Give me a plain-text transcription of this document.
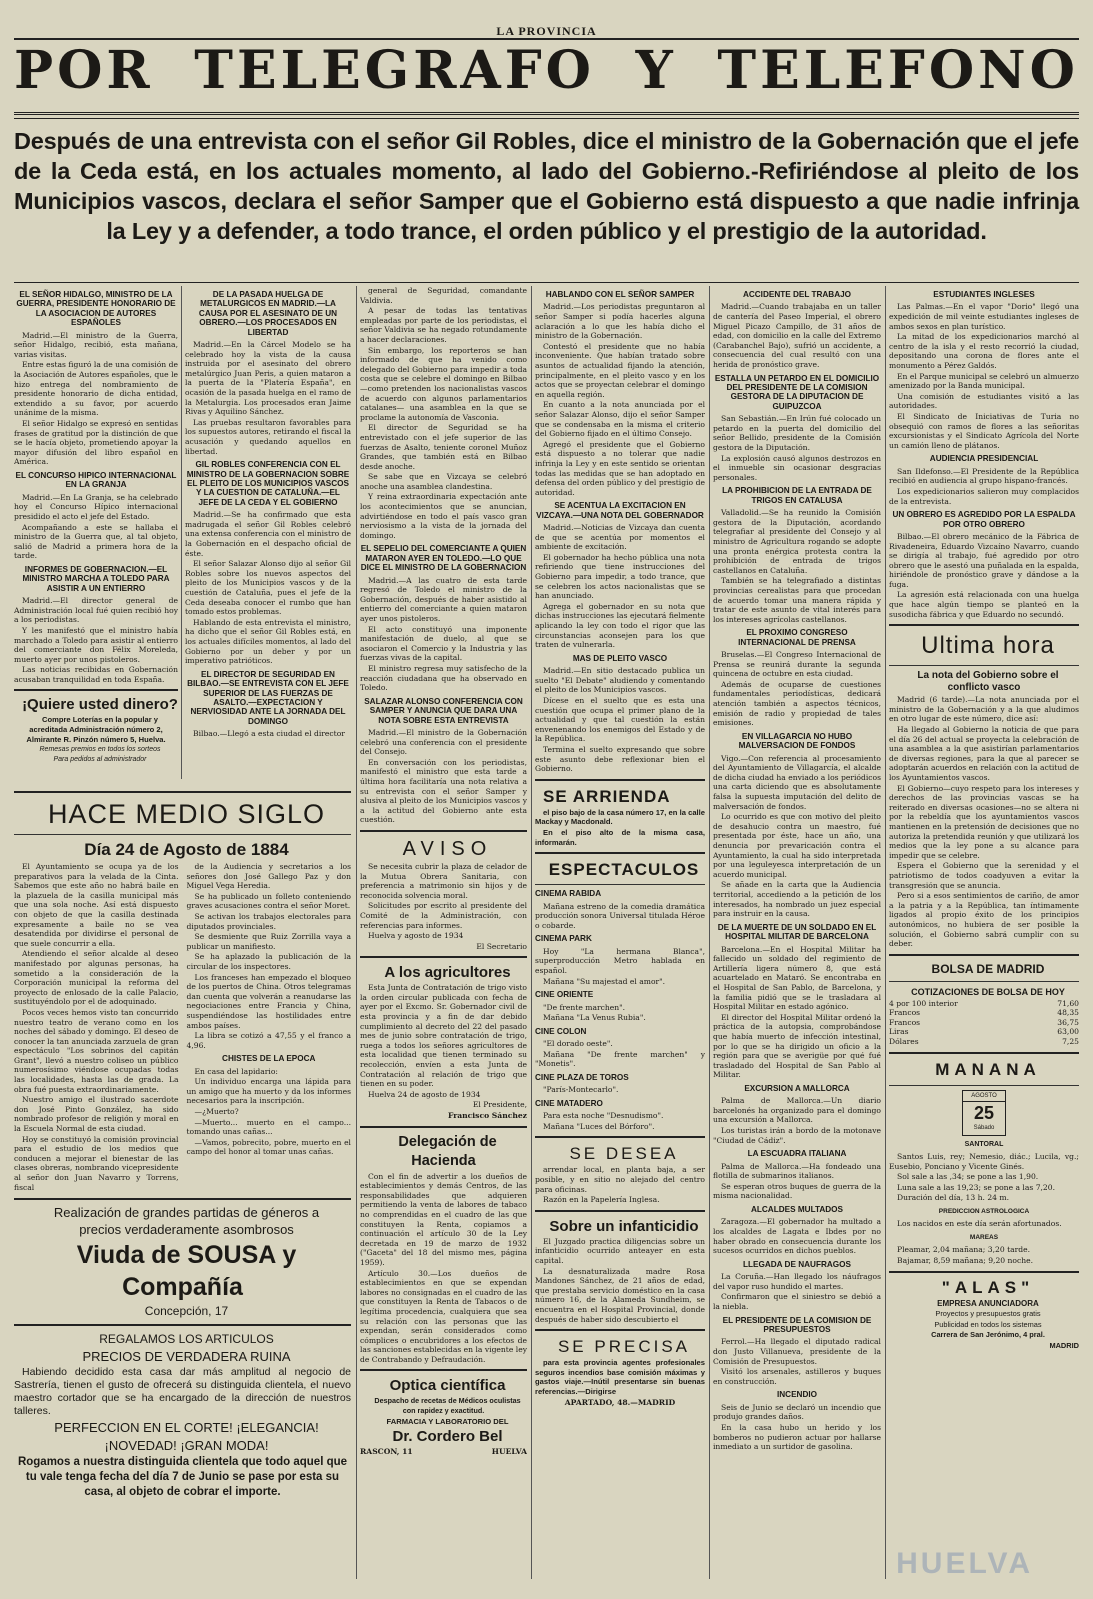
LA PROVINCIA
POR TELEGRAFO Y TELEFONO
Después de una entrevista con el señor Gil Robles, dice el ministro de la Gobernación que el jefe de la Ceda está, en los actuales momento, al lado del Gobierno.-Refiriéndose al pleito de los Municipios vascos, declara el señor Samper que el Gobierno está dispuesto a que nadie infrinja la Ley y a defender, a todo trance, el orden público y el prestigio de la autoridad.

EL SEÑOR HIDALGO, MINISTRO DE LA GUERRA, PRESIDENTE HONORARIO DE LA ASOCIACION DE AUTORES ESPAÑOLES

Madrid.—El ministro de la Guerra, señor Hidalgo, recibió, esta mañana, varias visitas.

Entre estas figuró la de una comisión de la Asociación de Autores españoles, que le hizo entrega del nombramiento de presidente honorario de dicha entidad, extendido a su favor, por acuerdo unánime de la misma.

El señor Hidalgo se expresó en sentidas frases de gratitud por la distinción de que se le hacía objeto, prometiendo apoyar la mayor difusión del libro español en América.

EL CONCURSO HIPICO INTERNACIONAL EN LA GRANJA

Madrid.—En La Granja, se ha celebrado hoy el Concurso Hípico internacional presidido el acto el jefe del Estado.

Acompañando a este se hallaba el ministro de la Guerra que, al tal objeto, salió de Madrid a primera hora de la tarde.

INFORMES DE GOBERNACION.—EL MINISTRO MARCHA A TOLEDO PARA ASISTIR A UN ENTIERRO

Madrid.—El director general de Administración local fué quien recibió hoy a los periodistas.

Y les manifestó que el ministro había marchado a Toledo para asistir al entierro del comerciante don Félix Moreleda, muerto ayer por unos pistoleros.

Las noticias recibidas en Gobernación acusaban tranquilidad en toda España.

¡Quiere usted dinero?

Compre Loterías en la popular y acreditada Administración número 2, Almirante R. Pinzón número 5, Huelva.

Remesas premios en todos los sorteos

Para pedidos al administrador

DE LA PASADA HUELGA DE METALURGICOS EN MADRID.—LA CAUSA POR EL ASESINATO DE UN OBRERO.—LOS PROCESADOS EN LIBERTAD

Madrid.—En la Cárcel Modelo se ha celebrado hoy la vista de la causa instruida por el asesinato del obrero metalúrgico Juan Peris, a quien mataron a la puerta de la "Platería España", en ocasión de la pasada huelga en el ramo de la Metalurgia. Los procesados eran Jaime Rivas y Aquilino Sánchez.

Las pruebas resultaron favorables para los supuestos autores, retirando el fiscal la acusación y quedando aquellos en libertad.

GIL ROBLES CONFERENCIA CON EL MINISTRO DE LA GOBERNACION SOBRE EL PLEITO DE LOS MUNICIPIOS VASCOS Y LA CUESTION DE CATALUÑA.—EL JEFE DE LA CEDA Y EL GOBIERNO

Madrid.—Se ha confirmado que esta madrugada el señor Gil Robles celebró una extensa conferencia con el ministro de la Gobernación en el despacho oficial de éste.

El señor Salazar Alonso dijo al señor Gil Robles sobre los nuevos aspectos del pleito de los Municipios vascos y de la cuestión de Cataluña, pues el jefe de la Ceda deseaba conocer el rumbo que han tomado estos problemas.

Hablando de esta entrevista el ministro, ha dicho que el señor Gil Robles está, en los actuales difíciles momentos, al lado del Gobierno por un deber y por un imperativo patrióticos.

EL DIRECTOR DE SEGURIDAD EN BILBAO.—SE ENTREVISTA CON EL JEFE SUPERIOR DE LAS FUERZAS DE ASALTO.—EXPECTACION Y NERVIOSIDAD ANTE LA JORNADA DEL DOMINGO

Bilbao.—Llegó a esta ciudad el director

HACE MEDIO SIGLO

Día 24 de Agosto de 1884

El Ayuntamiento se ocupa ya de los preparativos para la velada de la Cinta. Sabemos que este año no habrá baile en la plazuela de la casilla municipal más que una sola noche. Así está dispuesto con objeto de que la casilla destinada expresamente a baile no se vea desatendida por dividirse el personal de que suele concurrir a ella.

Atendiendo el señor alcalde al deseo manifestado por algunas personas, ha sometido a la consideración de la Corporación municipal la reforma del proyecto de enlosado de la calle Palacio, sustituyéndolo por el de adoquinado.

Pocos veces hemos visto tan concurrido nuestro teatro de verano como en los noches del sábado y domingo. El deseo de conocer la tan anunciada zarzuela de gran espectáculo "Los sobrinos del capitán Grant", llevó a nuestro coliseo un público numerosísimo viéndose ocupadas todas las localidades, hasta las de grada. La obra fué puesta extraordinariamente.

Nuestro amigo el ilustrado sacerdote don José Pinto González, ha sido nombrado profesor de religión y moral en la Escuela Normal de esta ciudad.

Hoy se constituyó la comisión provincial para el estudio de los medios que conducen a mejorar el bienestar de las clases obreras, nombrando vicepresidente al señor don Juan Navarro y Torrens, fiscal

de la Audiencia y secretarios a los señores don José Gallego Paz y don Miguel Vega Heredia.

Se ha publicado un folleto conteniendo graves acusaciones contra el señor Moret.

Se activan los trabajos electorales para diputados provinciales.

Se desmiente que Ruiz Zorrilla vaya a publicar un manifiesto.

Se ha aplazado la publicación de la circular de los inspectores.

Los franceses han empezado el bloqueo de los puertos de China. Otros telegramas dan cuenta que volverán a reanudarse las negociaciones entre Francia y China, suspendiéndose las hostilidades entre ambos países.

La libra se cotizó a 47,55 y el franco a 4,96.

CHISTES DE LA EPOCA

En casa del lapidario:

Un individuo encarga una lápida para un amigo que ha muerto y da los informes necesarios para la inscripción.

—¿Muerto?

—Muerto... muerto en el campo... tomando unas cañas...

—Vamos, pobrecito, pobre, muerto en el campo del honor al tomar unas cañas.

Realización de grandes partidas de géneros a

precios verdaderamente asombrosos

Viuda de SOUSA y Compañía

Concepción, 17

REGALAMOS LOS ARTICULOS

PRECIOS DE VERDADERA RUINA

Habiendo decidido esta casa dar más amplitud al negocio de Sastrería, tienen el gusto de ofrecerá su distinguida clientela, el nuevo maestro cortador que se ha encargado de la dirección de nuestros talleres.

PERFECCION EN EL CORTE! ¡ELEGANCIA!

¡NOVEDAD! ¡GRAN MODA!

Rogamos a nuestra distinguida clientela que todo aquel que tu vale tenga fecha del día 7 de Junio se pase por esta su casa, al objeto de cobrar el importe.

general de Seguridad, comandante Valdivia.

A pesar de todas las tentativas empleadas por parte de los periodistas, el señor Valdivia se ha negado rotundamente a hacer declaraciones.

Sin embargo, los reporteros se han informado de que ha venido como delegado del Gobierno para impedir a toda costa que se celebre el domingo en Bilbao —como pretenden los nacionalistas vascos de acuerdo con algunos parlamentarios catalanes— una asamblea en la que se proclame la autonomía de Vasconia.

El director de Seguridad se ha entrevistado con el jefe superior de las fuerzas de Asalto, teniente coronel Muñoz Grandes, que también está en Bilbao desde anoche.

Se sabe que en Vizcaya se celebró anoche una asamblea clandestina.

Y reina extraordinaria expectación ante los acontecimientos que se anuncian, advirtiéndose en todo el país vasco gran nerviosismo a la vista de la jornada del domingo.

EL SEPELIO DEL COMERCIANTE A QUIEN MATARON AYER EN TOLEDO.—LO QUE DICE EL MINISTRO DE LA GOBERNACION

Madrid.—A las cuatro de esta tarde regresó de Toledo el ministro de la Gobernación, después de haber asistido al entierro del comerciante a quien mataron ayer unos pistoleros.

El acto constituyó una imponente manifestación de duelo, al que se asociaron el Comercio y la Industria y las fuerzas vivas de la capital.

El ministro regresa muy satisfecho de la reacción ciudadana que ha observado en Toledo.

SALAZAR ALONSO CONFERENCIA CON SAMPER Y ANUNCIA QUE DARA UNA NOTA SOBRE ESTA ENTREVISTA

Madrid.—El ministro de la Gobernación celebró una conferencia con el presidente del Consejo.

En conversación con los periodistas, manifestó el ministro que esta tarde a última hora facilitaría una nota relativa a su entrevista con el señor Samper y alusiva al pleito de los Municipios vascos y a la actitud del Gobierno ante esta cuestión.

AVISO

Se necesita cubrir la plaza de celador de la Mutua Obrera Sanitaria, con preferencia a matrimonio sin hijos y de reconocida solvencia moral.

Solicitudes por escrito al presidente del Comité de la Administración, con referencias para informes.

Huelva y agosto de 1934

El Secretario

A los agricultores

Esta Junta de Contratación de trigo visto la orden circular publicada con fecha de ayer por el Excmo. Sr. Gobernador civil de esta provincia y a fin de dar debido cumplimiento al decreto del 22 del pasado mes de junio sobre contratación de trigo, ruega a todos los señores agricultores de esta localidad que tienen terminado su recolección, envíen a esta Junta de Contratación al relación de trigo que tienen en su poder.

Huelva 24 de agosto de 1934

El Presidente,

Francisco Sánchez

Delegación de Hacienda

Con el fin de advertir a los dueños de establecimientos y demás Centros, de las responsabilidades que adquieren permitiendo la venta de labores de tabaco no comprendidas en el cuadro de las que constituyen la Renta, copiamos a continuación el artículo 30 de la Ley decretada en 19 de marzo de 1932 ("Gaceta" del 18 del mismo mes, página 1959).

Artículo 30.—Los dueños de establecimientos en que se expendan labores no consignadas en el cuadro de las que constituyen la Renta de Tabacos o de legítima procedencia, cualquiera que sea su relación con las personas que las expendan, serán considerados como cómplices o encubridores a los efectos de las sanciones establecidas en la vigente ley de Contrabando y Defraudación.

Optica científica

Despacho de recetas de Médicos oculistas con rapidez y exactitud.

FARMACIA Y LABORATORIO DEL

Dr. Cordero Bel

RASCON, 11	HUELVA

HABLANDO CON EL SEÑOR SAMPER

Madrid.—Los periodistas preguntaron al señor Samper si podía hacerles alguna aclaración a lo que les había dicho el ministro de la Gobernación.

Contestó el presidente que no había inconveniente. Que habían tratado sobre asuntos de actualidad fijando la atención, principalmente, en el pleito vasco y en los actos que se proyectan celebrar el domingo en aquella región.

En cuanto a la nota anunciada por el señor Salazar Alonso, dijo el señor Samper que se condensaba en la misma el criterio del Gobierno fijado en el último Consejo.

Agregó el presidente que el Gobierno está dispuesto a no tolerar que nadie infrinja la Ley y en este sentido se orientan todas las medidas que se han adoptado en defensa del orden público y del prestigio de autoridad.

SE ACENTUA LA EXCITACION EN VIZCAYA.—UNA NOTA DEL GOBERNADOR

Madrid.—Noticias de Vizcaya dan cuenta de que se acentúa por momentos el ambiente de excitación.

El gobernador ha hecho pública una nota refiriendo que tiene instrucciones del Gobierno para impedir, a todo trance, que se celebren los actos nacionalistas que se han anunciado.

Agrega el gobernador en su nota que dichas instrucciones las ejecutará fielmente aplicando la ley con todo el rigor que las circunstancias aconsejen para los que traten de vulnerarla.

MAS DE PLEITO VASCO

Madrid.—En sitio destacado publica un suelto "El Debate" aludiendo y comentando el pleito de los Municipios vascos.

Dícese en el suelto que es esta una cuestión que ocupa el primer plano de la actualidad y que tal cuestión la están envenenando los enemigos del Estado y de la República.

Termina el suelto expresando que sobre este asunto debe reflexionar bien el Gobierno.

SE ARRIENDA

el piso bajo de la casa número 17, en la calle Mackay y Macdonald.

En el piso alto de la misma casa, informarán.

ESPECTACULOS

CINEMA RABIDA

Mañana estreno de la comedia dramática producción sonora Universal titulada Héroe o cobarde.

CINEMA PARK

Hoy "La hermana Blanca", superproducción Metro hablada en español.

Mañana "Su majestad el amor".

CINE ORIENTE

"De frente marchen".

Mañana "La Venus Rubia".

CINE COLON

"El dorado oeste".

Mañana "De frente marchen" y "Monetis".

CINE PLAZA DE TOROS

"París-Montecarlo".

CINE MATADERO

Para esta noche "Desnudismo".

Mañana "Luces del Bórforo".

SE DESEA

arrendar local, en planta baja, a ser posible, y en sitio no alejado del centro para oficinas.

Razón en la Papelería Inglesa.

Sobre un infanticidio

El Juzgado practica diligencias sobre un infanticidio ocurrido anteayer en esta capital.

La desnaturalizada madre Rosa Mandones Sánchez, de 21 años de edad, que prestaba servicio doméstico en la casa número 16, de la Alameda Sundheim, se encuentra en el Hospital Provincial, donde después de haber sido descubierto el

SE PRECISA

para esta provincia agentes profesionales seguros incendios base comisión máximas y gastos viaje.—Inútil presentarse sin buenas referencias.—Dirigirse

APARTADO, 48.—MADRID

ACCIDENTE DEL TRABAJO

Madrid.—Cuando trabajaba en un taller de cantería del Paseo Imperial, el obrero Miguel Picazo Campillo, de 31 años de edad, con domicilio en la calle del Extremo (Carabanchel Bajo), sufrió un accidente, a consecuencia del cual resultó con una herida de pronóstico grave.

ESTALLA UN PETARDO EN EL DOMICILIO DEL PRESIDENTE DE LA COMISION GESTORA DE LA DIPUTACION DE GUIPUZCOA

San Sebastián.—En Irún fué colocado un petardo en la puerta del domicilio del señor Bellido, presidente de la Comisión gestora de la Diputación.

La explosión causó algunos destrozos en el inmueble sin ocasionar desgracias personales.

LA PROHIBICION DE LA ENTRADA DE TRIGOS EN CATALUSA

Valladolid.—Se ha reunido la Comisión gestora de la Diputación, acordando telegrafiar al presidente del Consejo y al ministro de Agricultura rogando se adopte una pronta enérgica protesta contra la prohibición de entrada de trigos castellanos en Cataluña.

También se ha telegrafiado a distintas provincias cerealistas para que procedan de acuerdo tomar una manera rápida y tratar de este asunto de vital interés para los intereses agrícolas castellanos.

EL PROXIMO CONGRESO INTERNACIONAL DE PRENSA

Bruselas.—El Congreso Internacional de Prensa se reunirá durante la segunda quincena de octubre en esta ciudad.

Además de ocuparse de cuestiones fundamentales periodísticas, dedicará atención también a aspectos técnicos, emisión de radio y propiedad de tales emisiones.

EN VILLAGARCIA NO HUBO MALVERSACION DE FONDOS

Vigo.—Con referencia al procesamiento del Ayuntamiento de Villagarcía, el alcalde de dicha ciudad ha enviado a los periódicos una carta diciendo que es absolutamente falsa la supuesta imputación del delito de malversación de fondos.

Lo ocurrido es que con motivo del pleito de desahucio contra un maestro, fué presentada por éste, hace un año, una denuncia por prevaricación contra el Ayuntamiento, la cual ha sido interpretada por una leguleyesca interpretación de un acuerdo municipal.

Se añade en la carta que la Audiencia territorial, accediendo a la petición de los interesados, ha nombrado un juez especial para instruir en la causa.

DE LA MUERTE DE UN SOLDADO EN EL HOSPITAL MILITAR DE BARCELONA

Barcelona.—En el Hospital Militar ha fallecido un soldado del regimiento de Artillería ligera número 8, que está acuartelado en Mataró. Se encontraba en el Hospital de San Pablo, de Barcelona, y la familia pidió que se le trasladara al Hospital Militar en estado agónico.

El director del Hospital Militar ordenó la práctica de la autopsia, comprobándose que había muerto de infección intestinal, por lo que se ha dirigido un oficio a la región para que se averigüe por qué fué trasladado del Hospital de San Pablo al Militar.

EXCURSION A MALLORCA

Palma de Mallorca.—Un diario barcelonés ha organizado para el domingo una excursión a Mallorca.

Los turistas irán a bordo de la motonave "Ciudad de Cádiz".

LA ESCUADRA ITALIANA

Palma de Mallorca.—Ha fondeado una flotilla de submarinos italianos.

Se esperan otros buques de guerra de la misma nacionalidad.

ALCALDES MULTADOS

Zaragoza.—El gobernador ha multado a los alcaldes de Lagata e Ibdes por no haber obrado en consecuencia durante los sucesos ocurridos en dichos pueblos.

LLEGADA DE NAUFRAGOS

La Coruña.—Han llegado los náufragos del vapor ruso hundido el martes.

Confirmaron que el siniestro se debió a la niebla.

EL PRESIDENTE DE LA COMISION DE PRESUPUESTOS

Ferrol.—Ha llegado el diputado radical don Justo Villanueva, presidente de la Comisión de Presupuestos.

Visitó los arsenales, astilleros y buques en construcción.

INCENDIO

Seis de Junio se declaró un incendio que produjo grandes daños.

En la casa hubo un herido y los bomberos no pudieron actuar por hallarse inmediato a un surtidor de gasolina.

ESTUDIANTES INGLESES

Las Palmas.—En el vapor "Dorio" llegó una expedición de mil veinte estudiantes ingleses de ambos sexos en plan turístico.

La mitad de los expedicionarios marchó al centro de la isla y el resto recorrió la ciudad, depositando una corona de flores ante el monumento a Pérez Galdós.

En el Parque municipal se celebró un almuerzo amenizado por la Banda municipal.

Una comisión de estudiantes visitó a las autoridades.

El Sindicato de Iniciativas de Turia no obsequió con ramos de flores a las señoritas excursionistas y el Sindicato Agrícola del Norte un camión lleno de plátanos.

AUDIENCIA PRESIDENCIAL

San Ildefonso.—El Presidente de la República recibió en audiencia al grupo hispano-francés.

Los expedicionarios salieron muy complacidos de la entrevista.

UN OBRERO ES AGREDIDO POR LA ESPALDA POR OTRO OBRERO

Bilbao.—El obrero mecánico de la Fábrica de Rivadeneira, Eduardo Vizcaíno Navarro, cuando se dirigía al trabajo, fué agredido por otro obrero que le asestó una puñalada en la espalda, hiriéndole de pronóstico grave y dándose a la fuga.

La agresión está relacionada con una huelga que hace algún tiempo se planteó en la susodicha fábrica y que Eduardo no secundó.

Ultima hora

La nota del Gobierno sobre el conflicto vasco

Madrid (6 tarde).—La nota anunciada por el ministro de la Gobernación y a la que aludimos en otro lugar de este número, dice así:

Ha llegado al Gobierno la noticia de que para el día 26 del actual se proyecta la celebración de una asamblea a la que asistirían parlamentarios de diversas regiones, para la que al parecer se adoptarán acuerdos en relación con la actitud de los Ayuntamientos vascos.

El Gobierno—cuyo respeto para los intereses y derechos de las provincias vascas se ha reiterado en diversas ocasiones—no se altera ni por la rebeldía que los ayuntamientos vascos mantienen en la pretensión de decisiones que no autoriza la pretendida reunión y que utilizará los medios que la ley pone a su alcance para impedir que se celebre.

Espera el Gobierno que la serenidad y el patriotismo de todos coadyuven a evitar la transgresión que se anuncia.

Pero si a esos sentimientos de cariño, de amor a la patria y a la República, tan íntimamente ligados al propio éxito de los principios autonómicos, no hubiera de ser posible la solución, el Gobierno sabrá cumplir con su deber.

BOLSA DE MADRID

COTIZACIONES DE BOLSA DE HOY

4 por 100 interior	71,60
Francos	48,35
Francos	36,75
Liras	63,00
Dólares	7,25

MANANA

AGOSTO
25
Sábado

SANTORAL

Santos Luis, rey; Nemesio, diác.; Lucila, vg.; Eusebio, Ponciano y Vicente Ginés.

Sol sale a las ,34; se pone a las 1,90.

Luna sale a las 19,23; se pone a las 7,20.

Duración del día, 13 h. 24 m.

PREDICCION ASTROLOGICA

Los nacidos en este día serán afortunados.

MAREAS

Pleamar, 2,04 mañana; 3,20 tarde.

Bajamar, 8,59 mañana; 9,20 noche.

"ALAS"

EMPRESA ANUNCIADORA

Proyectos y presupuestos gratis

Publicidad en todos los sistemas

Carrera de San Jerónimo, 4 pral.

MADRID

HUELVA
